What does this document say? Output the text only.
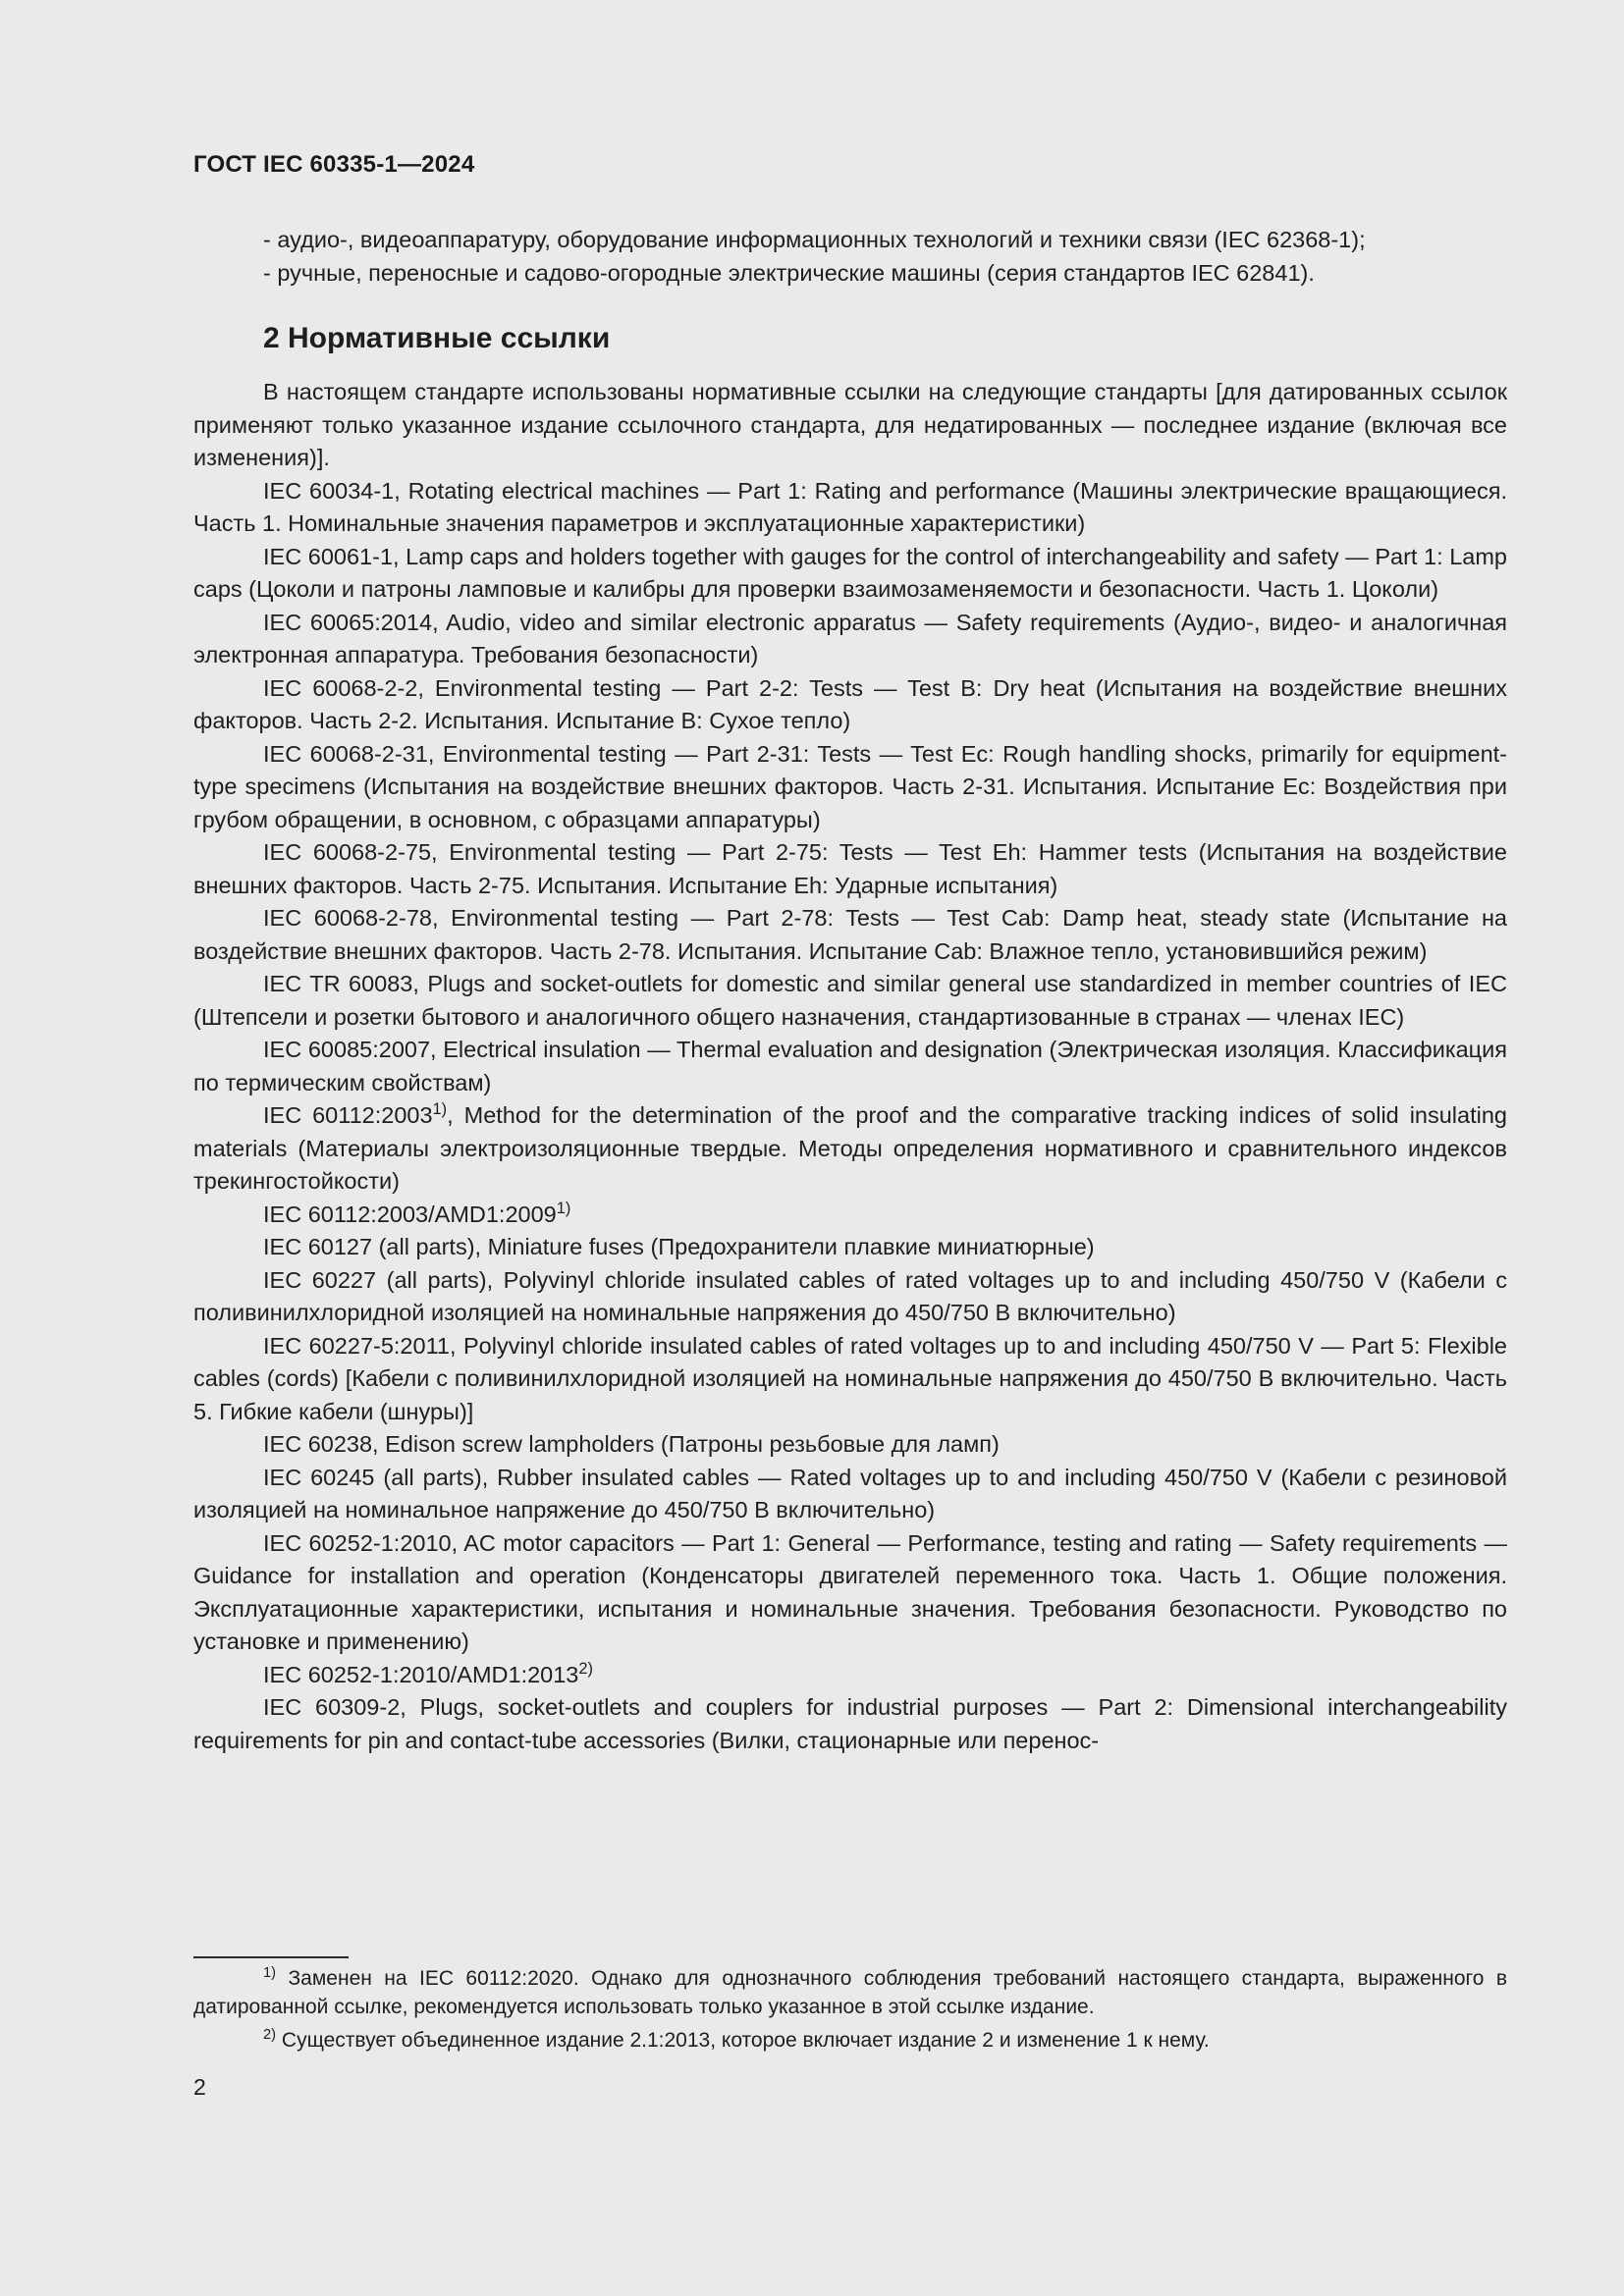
ГОСТ IEC 60335-1—2024

- аудио-, видеоаппаратуру, оборудование информационных технологий и техники связи (IEC 62368-1);

- ручные, переносные и садово-огородные электрические машины (серия стандартов IEC 62841).

2 Нормативные ссылки

В настоящем стандарте использованы нормативные ссылки на следующие стандарты [для датированных ссылок применяют только указанное издание ссылочного стандарта, для недатированных — последнее издание (включая все изменения)].

IEC 60034-1, Rotating electrical machines — Part 1: Rating and performance (Машины электрические вращающиеся. Часть 1. Номинальные значения параметров и эксплуатационные характеристики)

IEC 60061-1, Lamp caps and holders together with gauges for the control of interchangeability and safety — Part 1: Lamp caps (Цоколи и патроны ламповые и калибры для проверки взаимозаменяемости и безопасности. Часть 1. Цоколи)

IEC 60065:2014, Audio, video and similar electronic apparatus — Safety requirements (Аудио-, видео- и аналогичная электронная аппаратура. Требования безопасности)

IEC 60068-2-2, Environmental testing — Part 2-2: Tests — Test B: Dry heat (Испытания на воздействие внешних факторов. Часть 2-2. Испытания. Испытание В: Сухое тепло)

IEC 60068-2-31, Environmental testing — Part 2-31: Tests — Test Ec: Rough handling shocks, primarily for equipment-type specimens (Испытания на воздействие внешних факторов. Часть 2-31. Испытания. Испытание Ec: Воздействия при грубом обращении, в основном, с образцами аппаратуры)

IEC 60068-2-75, Environmental testing — Part 2-75: Tests — Test Eh: Hammer tests (Испытания на воздействие внешних факторов. Часть 2-75. Испытания. Испытание Eh: Ударные испытания)

IEC 60068-2-78, Environmental testing — Part 2-78: Tests — Test Cab: Damp heat, steady state (Испытание на воздействие внешних факторов. Часть 2-78. Испытания. Испытание Cab: Влажное тепло, установившийся режим)

IEC TR 60083, Plugs and socket-outlets for domestic and similar general use standardized in member countries of IEC (Штепсели и розетки бытового и аналогичного общего назначения, стандартизованные в странах — членах IEC)

IEC 60085:2007, Electrical insulation — Thermal evaluation and designation (Электрическая изоляция. Классификация по термическим свойствам)

IEC 60112:2003$^{1)}$, Method for the determination of the proof and the comparative tracking indices of solid insulating materials (Материалы электроизоляционные твердые. Методы определения нормативного и сравнительного индексов трекингостойкости)

IEC 60112:2003/AMD1:2009$^{1)}$

IEC 60127 (all parts), Miniature fuses (Предохранители плавкие миниатюрные)

IEC 60227 (all parts), Polyvinyl chloride insulated cables of rated voltages up to and including 450/750 V (Кабели с поливинилхлоридной изоляцией на номинальные напряжения до 450/750 В включительно)

IEC 60227-5:2011, Polyvinyl chloride insulated cables of rated voltages up to and including 450/750 V — Part 5: Flexible cables (cords) [Кабели с поливинилхлоридной изоляцией на номинальные напряжения до 450/750 В включительно. Часть 5. Гибкие кабели (шнуры)]

IEC 60238, Edison screw lampholders (Патроны резьбовые для ламп)

IEC 60245 (all parts), Rubber insulated cables — Rated voltages up to and including 450/750 V (Кабели с резиновой изоляцией на номинальное напряжение до 450/750 В включительно)

IEC 60252-1:2010, AC motor capacitors — Part 1: General — Performance, testing and rating — Safety requirements — Guidance for installation and operation (Конденсаторы двигателей переменного тока. Часть 1. Общие положения. Эксплуатационные характеристики, испытания и номинальные значения. Требования безопасности. Руководство по установке и применению)

IEC 60252-1:2010/AMD1:2013$^{2)}$

IEC 60309-2, Plugs, socket-outlets and couplers for industrial purposes — Part 2: Dimensional interchangeability requirements for pin and contact-tube accessories (Вилки, стационарные или перенос-

$^{1)}$ Заменен на IEC 60112:2020. Однако для однозначного соблюдения требований настоящего стандарта, выраженного в датированной ссылке, рекомендуется использовать только указанное в этой ссылке издание.

$^{2)}$ Существует объединенное издание 2.1:2013, которое включает издание 2 и изменение 1 к нему.

2
